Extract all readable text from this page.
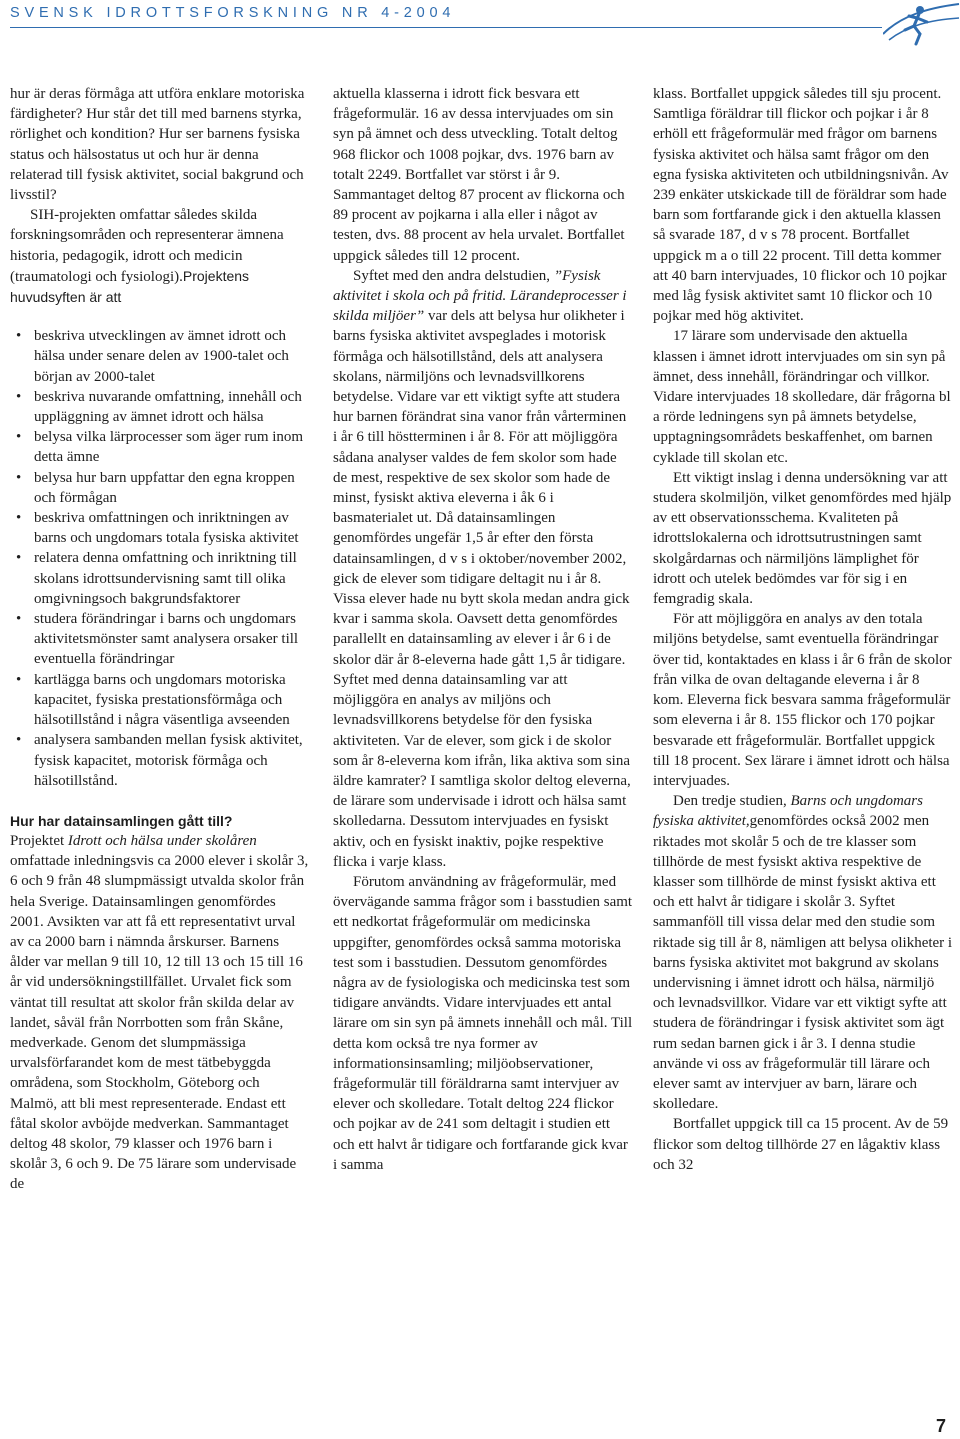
SVENSK IDROTTSFORSKNING NR 4-2004

hur är deras förmåga att utföra enklare motoriska färdigheter? Hur står det till med barnens styrka, rörlighet och kondition? Hur ser barnens fysiska status och hälsostatus ut och hur är denna relaterad till fysisk aktivitet, social bakgrund och livsstil?

SIH-projekten omfattar således skilda forskningsområden och representerar ämnena historia, pedagogik, idrott och medicin (traumatologi och fysiologi).Projektens huvudsyften är att

• beskriva utvecklingen av ämnet idrott och hälsa under senare delen av 1900-talet och början av 2000-talet
• beskriva nuvarande omfattning, innehåll och uppläggning av ämnet idrott och hälsa
• belysa vilka lärprocesser som äger rum inom detta ämne
• belysa hur barn uppfattar den egna kroppen och förmågan
• beskriva omfattningen och inriktningen av barns och ungdomars totala fysiska aktivitet
• relatera denna omfattning och inriktning till skolans idrottsundervisning samt till olika omgivningsoch bakgrundsfaktorer
• studera förändringar i barns och ungdomars aktivitetsmönster samt analysera orsaker till eventuella förändringar
• kartlägga barns och ungdomars motoriska kapacitet, fysiska prestationsförmåga och hälsotillstånd i några väsentliga avseenden
• analysera sambanden mellan fysisk aktivitet, fysisk kapacitet, motorisk förmåga och hälsotillstånd.
Hur har datainsamlingen gått till?

Projektet Idrott och hälsa under skolåren omfattade inledningsvis ca 2000 elever i skolår 3, 6 och 9 från 48 slumpmässigt utvalda skolor från hela Sverige. Datainsamlingen genomfördes 2001. Avsikten var att få ett representativt urval av ca 2000 barn i nämnda årskurser. Barnens ålder var mellan 9 till 10, 12 till 13 och 15 till 16 år vid undersökningstillfället. Urvalet fick som väntat till resultat att skolor från skilda delar av landet, såväl från Norrbotten som från Skåne, medverkade. Genom det slumpmässiga urvalsförfarandet kom de mest tätbebyggda områdena, som Stockholm, Göteborg och Malmö, att bli mest representerade. Endast ett fåtal skolor avböjde medverkan. Sammantaget deltog 48 skolor, 79 klasser och 1976 barn i skolår 3, 6 och 9. De 75 lärare som undervisade de

aktuella klasserna i idrott fick besvara ett frågeformulär. 16 av dessa intervjuades om sin syn på ämnet och dess utveckling. Totalt deltog 968 flickor och 1008 pojkar, dvs. 1976 barn av totalt 2249. Bortfallet var störst i år 9. Sammantaget deltog 87 procent av flickorna och 89 procent av pojkarna i alla eller i något av testen, dvs. 88 procent av hela urvalet. Bortfallet uppgick således till 12 procent.

Syftet med den andra delstudien, ”Fysisk aktivitet i skola och på fritid. Lärandeprocesser i skilda miljöer” var dels att belysa hur olikheter i barns fysiska aktivitet avspeglades i motorisk förmåga och hälsotillstånd, dels att analysera skolans, närmiljöns och levnadsvillkorens betydelse. Vidare var ett viktigt syfte att studera hur barnen förändrat sina vanor från vårterminen i år 6 till höstterminen i år 8. För att möjliggöra sådana analyser valdes de fem skolor som hade de mest, respektive de sex skolor som hade de minst, fysiskt aktiva eleverna i åk 6 i basmaterialet ut. Då datainsamlingen genomfördes ungefär 1,5 år efter den första datainsamlingen, d v s i oktober/november 2002, gick de elever som tidigare deltagit nu i år 8. Vissa elever hade nu bytt skola medan andra gick kvar i samma skola. Oavsett detta genomfördes parallellt en datainsamling av elever i år 6 i de skolor där år 8-eleverna hade gått 1,5 år tidigare. Syftet med denna datainsamling var att möjliggöra en analys av miljöns och levnadsvillkorens betydelse för den fysiska aktiviteten. Var de elever, som gick i de skolor som år 8-eleverna kom ifrån, lika aktiva som sina äldre kamrater? I samtliga skolor deltog eleverna, de lärare som undervisade i idrott och hälsa samt skolledarna. Dessutom intervjuades en fysiskt aktiv, och en fysiskt inaktiv, pojke respektive flicka i varje klass.

Förutom användning av frågeformulär, med övervägande samma frågor som i basstudien samt ett nedkortat frågeformulär om medicinska uppgifter, genomfördes också samma motoriska test som i basstudien. Dessutom genomfördes några av de fysiologiska och medicinska test som tidigare användts. Vidare intervjuades ett antal lärare om sin syn på ämnets innehåll och mål. Till detta kom också tre nya former av informationsinsamling; miljöobservationer, frågeformulär till föräldrarna samt intervjuer av elever och skolledare. Totalt deltog 224 flickor och pojkar av de 241 som deltagit i studien ett och ett halvt år tidigare och fortfarande gick kvar i samma

klass. Bortfallet uppgick således till sju procent. Samtliga föräldrar till flickor och pojkar i år 8 erhöll ett frågeformulär med frågor om barnens fysiska aktivitet och hälsa samt frågor om den egna fysiska aktiviteten och utbildningsnivån. Av 239 enkäter utskickade till de föräldrar som hade barn som fortfarande gick i den aktuella klassen så svarade 187, d v s 78 procent. Bortfallet uppgick m a o till 22 procent. Till detta kommer att 40 barn intervjuades, 10 flickor och 10 pojkar med låg fysisk aktivitet samt 10 flickor och 10 pojkar med hög aktivitet.

17 lärare som undervisade den aktuella klassen i ämnet idrott intervjuades om sin syn på ämnet, dess innehåll, förändringar och villkor. Vidare intervjuades 18 skolledare, där frågorna bl a rörde ledningens syn på ämnets betydelse, upptagningsområdets beskaffenhet, om barnen cyklade till skolan etc.

Ett viktigt inslag i denna undersökning var att studera skolmiljön, vilket genomfördes med hjälp av ett observationsschema. Kvaliteten på idrottslokalerna och idrottsutrustningen samt skolgårdarnas och närmiljöns lämplighet för idrott och utelek bedömdes var för sig i en femgradig skala.

För att möjliggöra en analys av den totala miljöns betydelse, samt eventuella förändringar över tid, kontaktades en klass i år 6 från de skolor från vilka de ovan deltagande eleverna i år 8 kom. Eleverna fick besvara samma frågeformulär som eleverna i år 8. 155 flickor och 170 pojkar besvarade ett frågeformulär. Bortfallet uppgick till 18 procent. Sex lärare i ämnet idrott och hälsa intervjuades.

Den tredje studien, Barns och ungdomars fysiska aktivitet,genomfördes också 2002 men riktades mot skolår 5 och de tre klasser som tillhörde de mest fysiskt aktiva respektive de klasser som tillhörde de minst fysiskt aktiva ett och ett halvt år tidigare i skolår 3. Syftet sammanföll till vissa delar med den studie som riktade sig till år 8, nämligen att belysa olikheter i barns fysiska aktivitet mot bakgrund av skolans undervisning i ämnet idrott och hälsa, närmiljö och levnadsvillkor. Vidare var ett viktigt syfte att studera de förändringar i fysisk aktivitet som ägt rum sedan barnen gick i år 3. I denna studie använde vi oss av frågeformulär till lärare och elever samt av intervjuer av barn, lärare och skolledare.

Bortfallet uppgick till ca 15 procent. Av de 59 flickor som deltog tillhörde 27 en lågaktiv klass och 32

7
